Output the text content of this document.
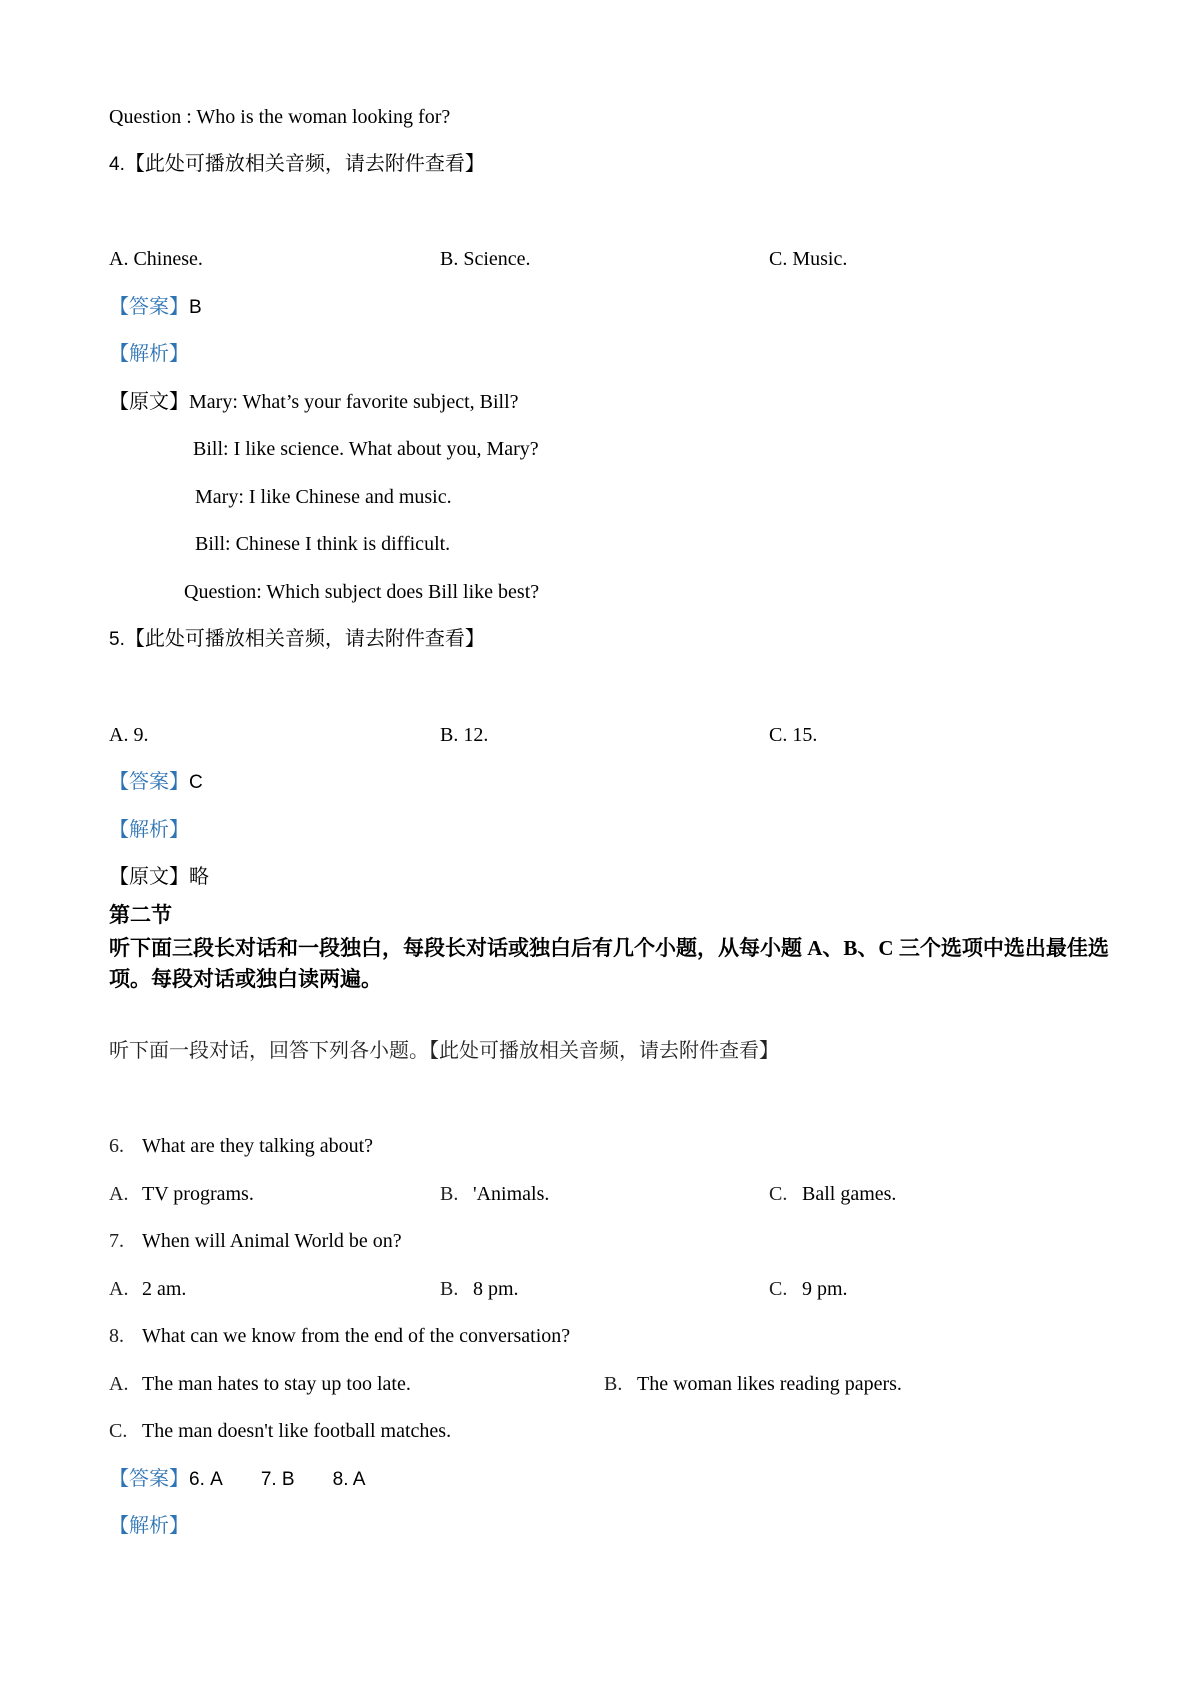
Question : Who is the woman looking for?
4.【此处可播放相关音频，请去附件查看】
A. Chinese.	B. Science.	C. Music.
【答案】B
【解析】
【原文】Mary: What’s your favorite subject, Bill?
Bill: I like science. What about you, Mary?
Mary: I like Chinese and music.
Bill: Chinese I think is difficult.
Question: Which subject does Bill like best?
5.【此处可播放相关音频，请去附件查看】
A. 9.	B. 12.	C. 15.
【答案】C
【解析】
【原文】略
第二节
听下面三段长对话和一段独白，每段长对话或独白后有几个小题，从每小题 A、B、C 三个选项中选出最佳选项。每段对话或独白读两遍。
听下面一段对话，回答下列各小题。【此处可播放相关音频，请去附件查看】
6. What are they talking about?
A. TV programs.	B. 'Animals.	C. Ball games.
7. When will Animal World be on?
A. 2 am.	B. 8 pm.	C. 9 pm.
8. What can we know from the end of the conversation?
A. The man hates to stay up too late.	B. The woman likes reading papers.
C. The man doesn't like football matches.
【答案】6. A 7. B 8. A
【解析】
